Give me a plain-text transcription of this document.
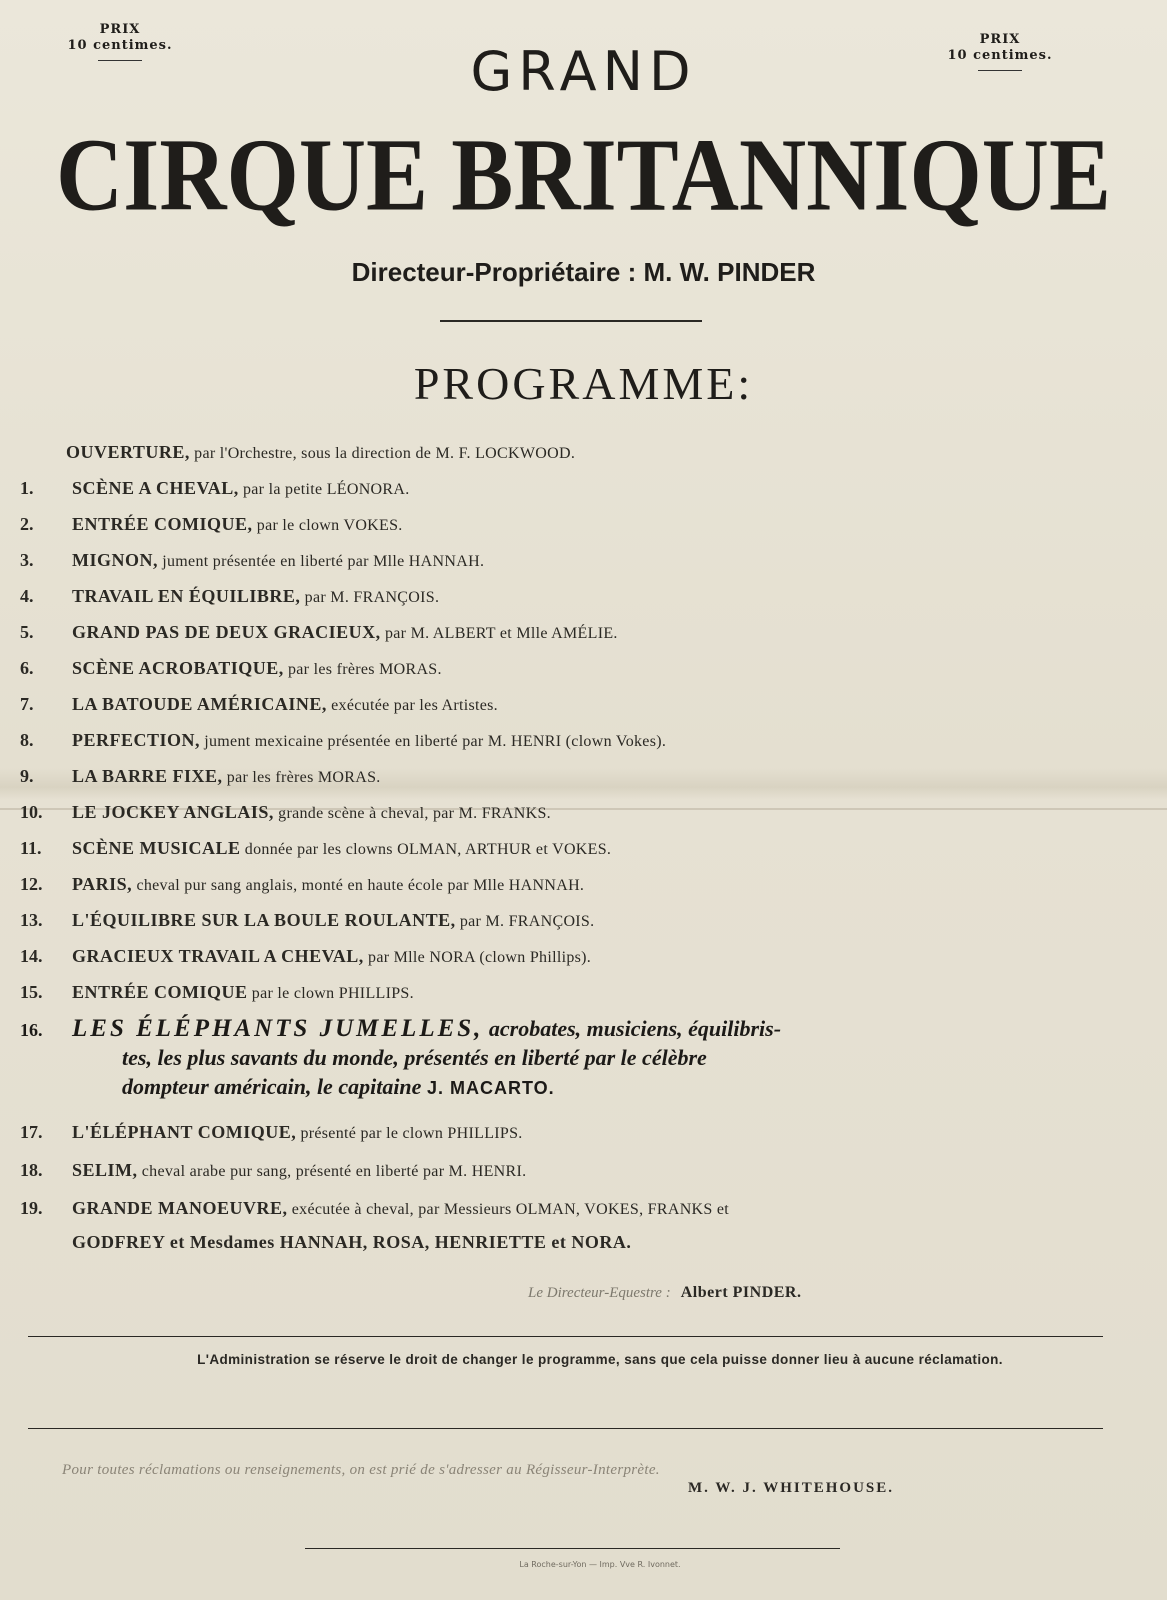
PRIX
10 centimes.	PRIX
10 centimes.
GRAND
CIRQUE BRITANNIQUE
Directeur-Propriétaire : M. W. PINDER
PROGRAMME:
OUVERTURE, par l'Orchestre, sous la direction de M. F. LOCKWOOD.
1. SCÈNE A CHEVAL, par la petite LÉONORA.
2. ENTRÉE COMIQUE, par le clown VOKES.
3. MIGNON, jument présentée en liberté par Mlle HANNAH.
4. TRAVAIL EN ÉQUILIBRE, par M. FRANÇOIS.
5. GRAND PAS DE DEUX GRACIEUX, par M. ALBERT et Mlle AMÉLIE.
6. SCÈNE ACROBATIQUE, par les frères MORAS.
7. LA BATOUDE AMÉRICAINE, exécutée par les Artistes.
8. PERFECTION, jument mexicaine présentée en liberté par M. HENRI (clown Vokes).
9. LA BARRE FIXE, par les frères MORAS.
10. LE JOCKEY ANGLAIS, grande scène à cheval, par M. FRANKS.
11. SCÈNE MUSICALE donnée par les clowns OLMAN, ARTHUR et VOKES.
12. PARIS, cheval pur sang anglais, monté en haute école par Mlle HANNAH.
13. L'ÉQUILIBRE SUR LA BOULE ROULANTE, par M. FRANÇOIS.
14. GRACIEUX TRAVAIL A CHEVAL, par Mlle NORA (clown Phillips).
15. ENTRÉE COMIQUE par le clown PHILLIPS.
16. LES ÉLÉPHANTS JUMELLES, acrobates, musiciens, équilibris-
tes, les plus savants du monde, présentés en liberté par le célèbre
dompteur américain, le capitaine J. MACARTO.
17. L'ÉLÉPHANT COMIQUE, présenté par le clown PHILLIPS.
18. SELIM, cheval arabe pur sang, présenté en liberté par M. HENRI.
19. GRANDE MANOEUVRE, exécutée à cheval, par Messieurs OLMAN, VOKES, FRANKS et
GODFREY et Mesdames HANNAH, ROSA, HENRIETTE et NORA.
Le Directeur-Equestre : Albert PINDER.
L'Administration se réserve le droit de changer le programme, sans que cela puisse donner lieu à aucune réclamation.
Pour toutes réclamations ou renseignements, on est prié de s'adresser au Régisseur-Interprète.
M. W. J. WHITEHOUSE.
La Roche-sur-Yon — Imp. Vve R. Ivonnet.
